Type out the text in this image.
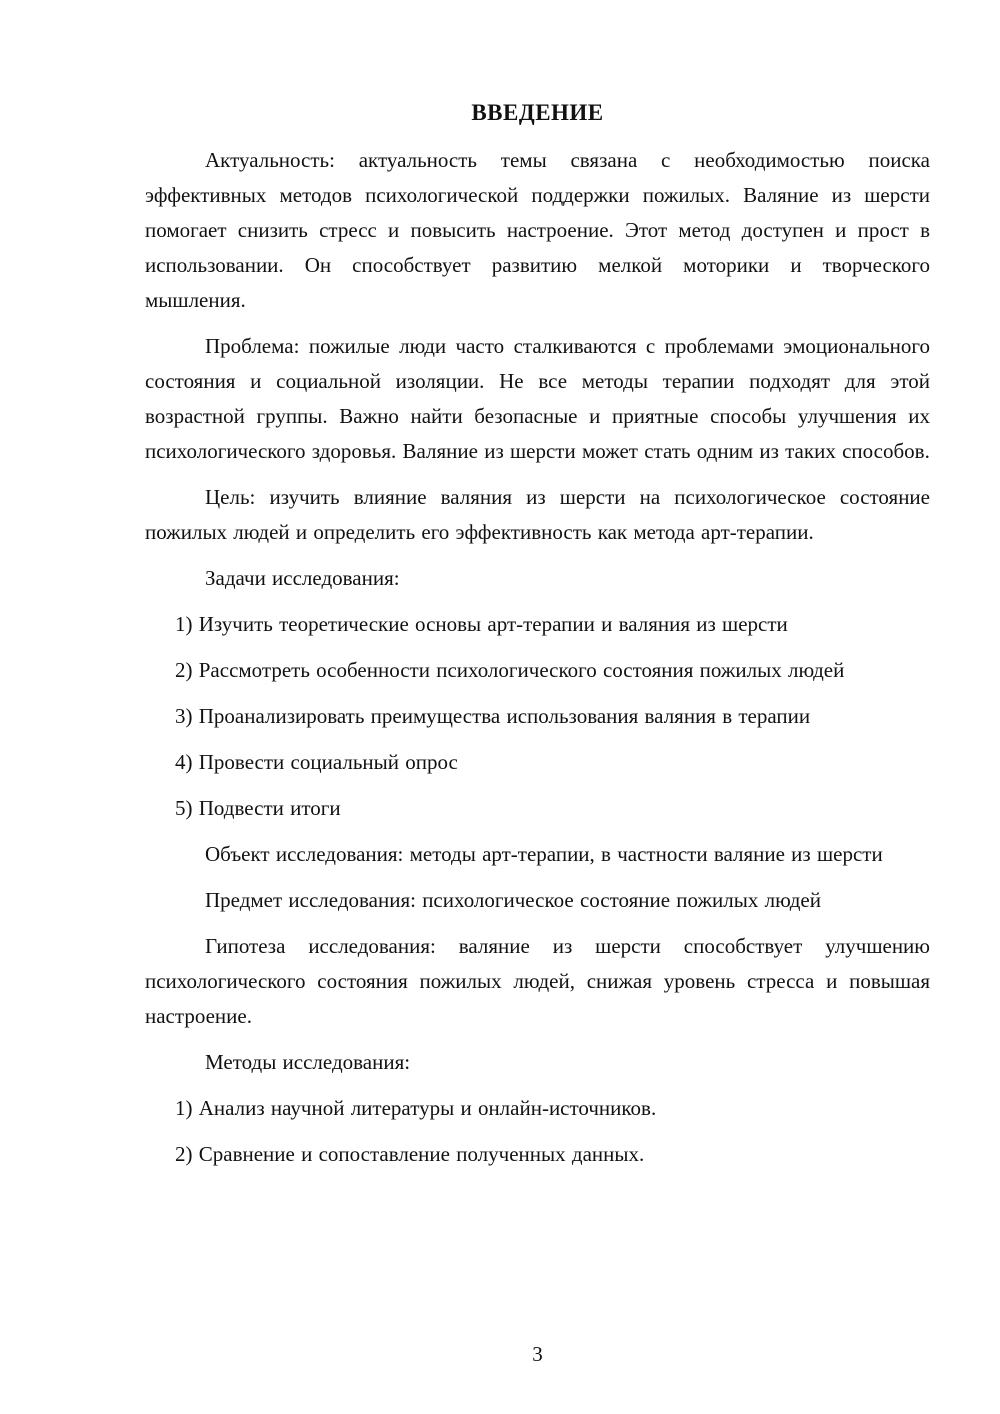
ВВЕДЕНИЕ

Актуальность: актуальность темы связана с необходимостью поиска эффективных методов психологической поддержки пожилых. Валяние из шерсти помогает снизить стресс и повысить настроение. Этот метод доступен и прост в использовании. Он способствует развитию мелкой моторики и творческого мышления.

Проблема: пожилые люди часто сталкиваются с проблемами эмоционального состояния и социальной изоляции. Не все методы терапии подходят для этой возрастной группы. Важно найти безопасные и приятные способы улучшения их психологического здоровья. Валяние из шерсти может стать одним из таких способов.

Цель: изучить влияние валяния из шерсти на психологическое состояние пожилых людей и определить его эффективность как метода арт-терапии.

Задачи исследования:

1) Изучить теоретические основы арт-терапии и валяния из шерсти

2) Рассмотреть особенности психологического состояния пожилых людей

3) Проанализировать преимущества использования валяния в терапии

4) Провести социальный опрос

5) Подвести итоги

Объект исследования: методы арт-терапии, в частности валяние из шерсти

Предмет исследования: психологическое состояние пожилых людей

Гипотеза исследования: валяние из шерсти способствует улучшению психологического состояния пожилых людей, снижая уровень стресса и повышая настроение.

Методы исследования:

1) Анализ научной литературы и онлайн-источников.

2) Сравнение и сопоставление полученных данных.

3
